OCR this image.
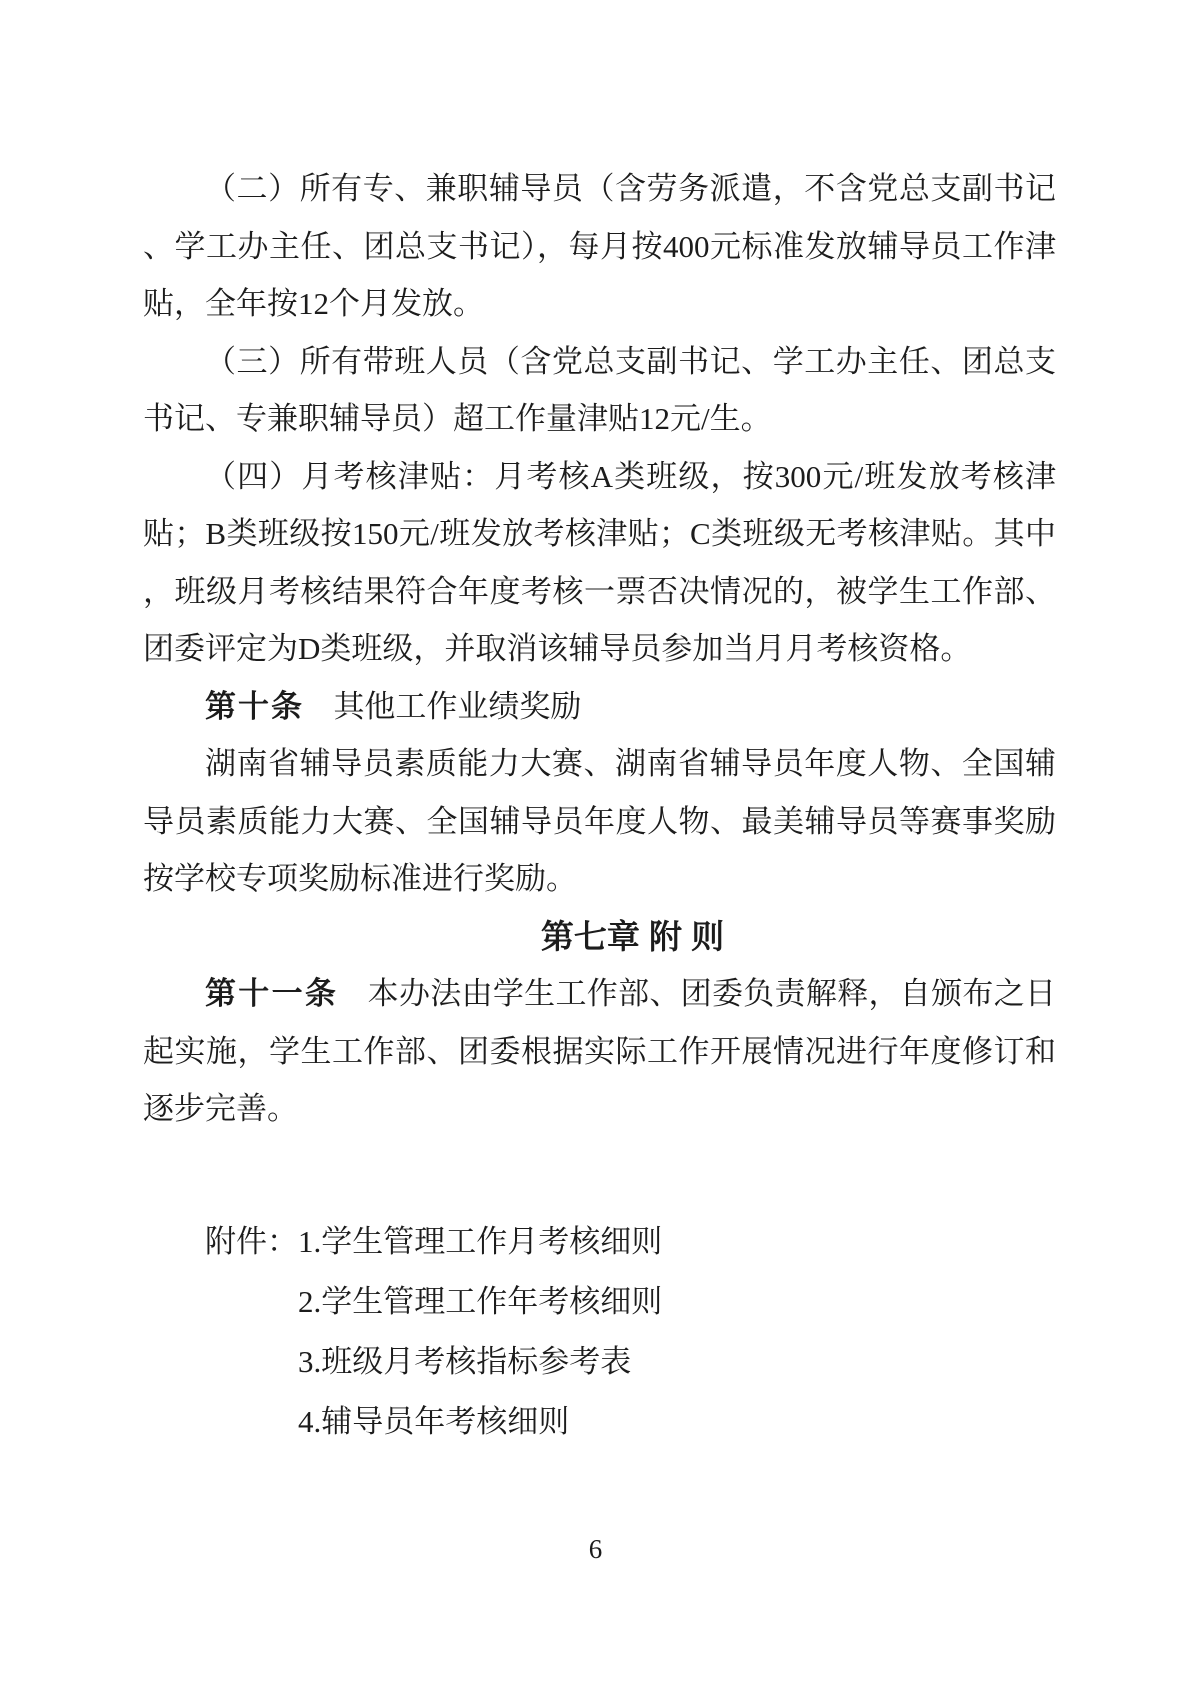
（二）所有专、兼职辅导员（含劳务派遣，不含党总支副书记、学工办主任、团总支书记），每月按400元标准发放辅导员工作津贴，全年按12个月发放。

（三）所有带班人员（含党总支副书记、学工办主任、团总支书记、专兼职辅导员）超工作量津贴12元/生。

（四）月考核津贴：月考核A类班级，按300元/班发放考核津贴；B类班级按150元/班发放考核津贴；C类班级无考核津贴。其中，班级月考核结果符合年度考核一票否决情况的，被学生工作部、团委评定为D类班级，并取消该辅导员参加当月月考核资格。

第十条 其他工作业绩奖励

湖南省辅导员素质能力大赛、湖南省辅导员年度人物、全国辅导员素质能力大赛、全国辅导员年度人物、最美辅导员等赛事奖励按学校专项奖励标准进行奖励。

第七章 附 则

第十一条 本办法由学生工作部、团委负责解释，自颁布之日起实施，学生工作部、团委根据实际工作开展情况进行年度修订和逐步完善。

附件： 1.学生管理工作月考核细则

2.学生管理工作年考核细则

3.班级月考核指标参考表

4.辅导员年考核细则

6
